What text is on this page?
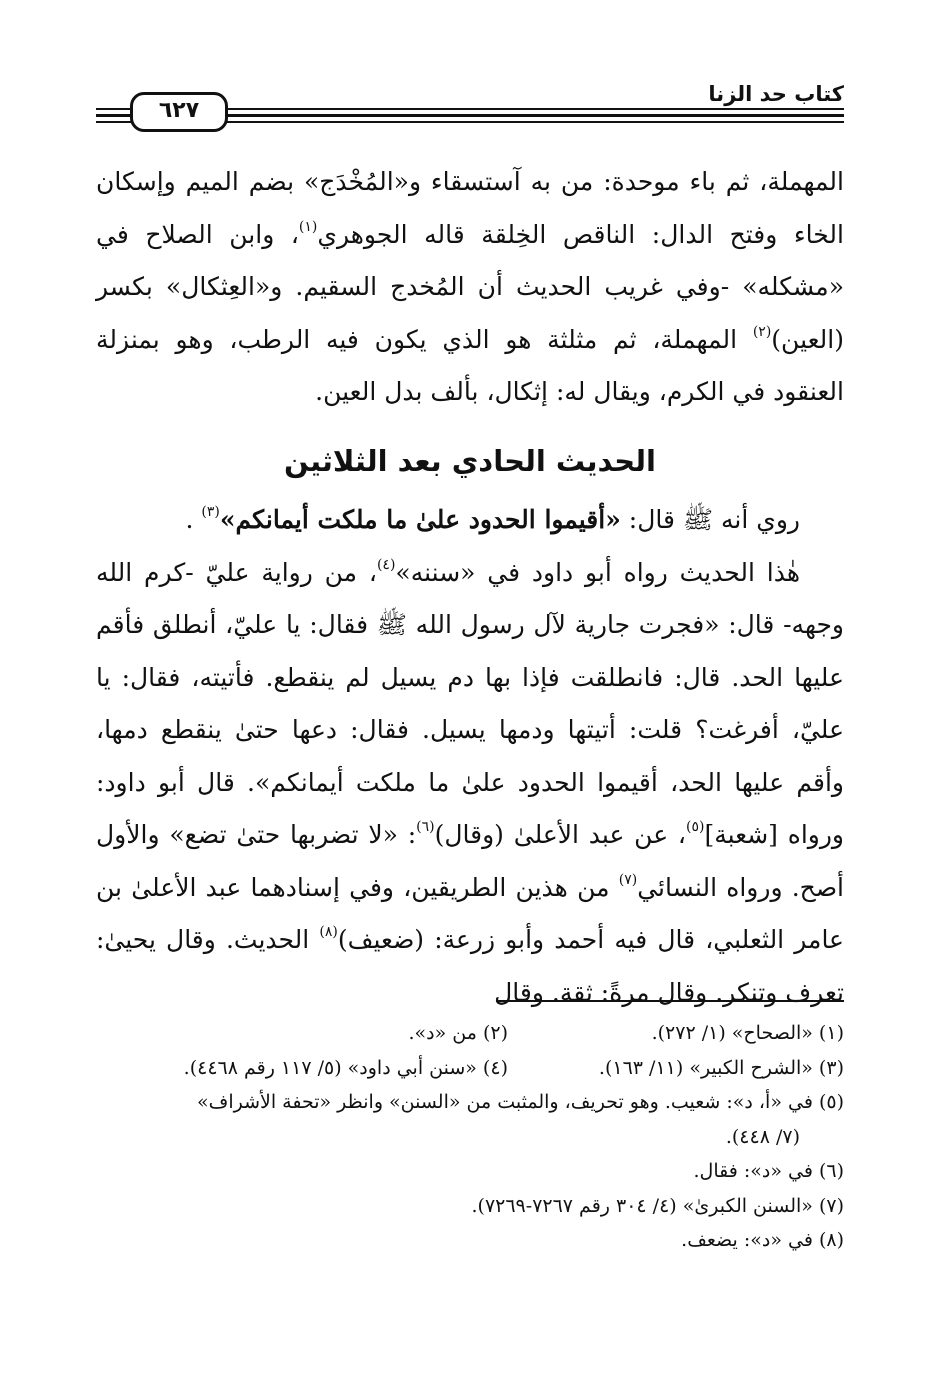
٦٢٧
كتاب حد الزنا

المهملة، ثم باء موحدة: من به آستسقاء و«المُخْدَج» بضم الميم وإسكان الخاء وفتح الدال: الناقص الخِلقة قاله الجوهري$^{(١)}$، وابن الصلاح في «مشكله» -وفي غريب الحديث أن المُخدج السقيم. و«العِثكال» بكسر (العين)$^{(٢)}$ المهملة، ثم مثلثة هو الذي يكون فيه الرطب، وهو بمنزلة العنقود في الكرم، ويقال له: إثكال، بألف بدل العين.

الحديث الحادي بعد الثلاثين

روي أنه ﷺ قال: «أقيموا الحدود علىٰ ما ملكت أيمانكم»$^{(٣)}$ .

هٰذا الحديث رواه أبو داود في «سننه»$^{(٤)}$، من رواية عليّ -كرم الله وجهه- قال: «فجرت جارية لآل رسول الله ﷺ فقال: يا عليّ، أنطلق فأقم عليها الحد. قال: فانطلقت فإذا بها دم يسيل لم ينقطع. فأتيته، فقال: يا عليّ، أفرغت؟ قلت: أتيتها ودمها يسيل. فقال: دعها حتىٰ ينقطع دمها، وأقم عليها الحد، أقيموا الحدود علىٰ ما ملكت أيمانكم». قال أبو داود: ورواه [شعبة]$^{(٥)}$، عن عبد الأعلىٰ (وقال)$^{(٦)}$: «لا تضربها حتىٰ تضع» والأول أصح. ورواه النسائي$^{(٧)}$ من هذين الطريقين، وفي إسنادهما عبد الأعلىٰ بن عامر الثعلبي، قال فيه أحمد وأبو زرعة: (ضعيف)$^{(٨)}$ الحديث. وقال يحيىٰ: تعرف وتنكر. وقال مرةً: ثقة. وقال

(١) «الصحاح» (١/ ٢٧٢).
(٢) من «د».
(٣) «الشرح الكبير» (١١/ ١٦٣).
(٤) «سنن أبي داود» (٥/ ١١٧ رقم ٤٤٦٨).
(٥) في «أ، د»: شعيب. وهو تحريف، والمثبت من «السنن» وانظر «تحفة الأشراف»
(٧/ ٤٤٨).
(٦) في «د»: فقال.
(٧) «السنن الكبرىٰ» (٤/ ٣٠٤ رقم ٧٢٦٧-٧٢٦٩).
(٨) في «د»: يضعف.
